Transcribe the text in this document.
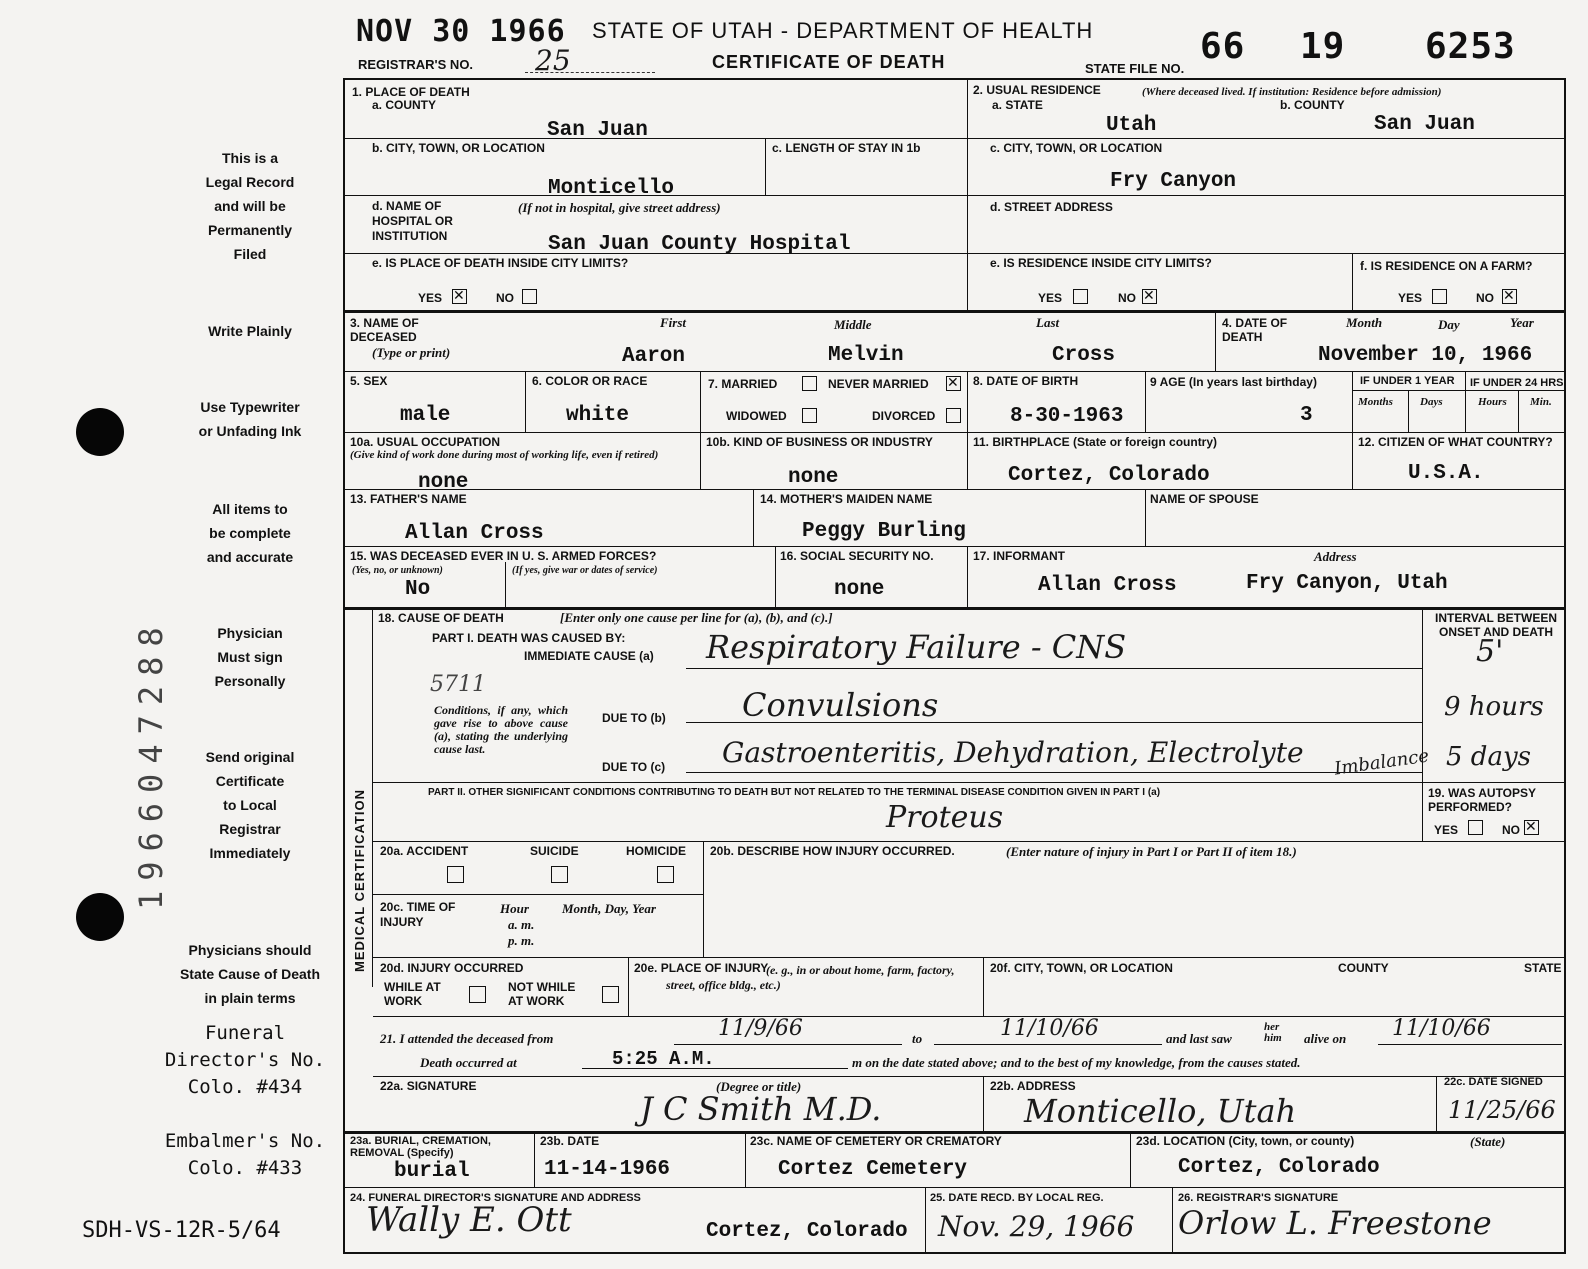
NOV 30 1966
REGISTRAR'S NO. 25
STATE OF UTAH - DEPARTMENT OF HEALTH
CERTIFICATE OF DEATH	STATE FILE NO.
66 19 6253
This is a
Legal Record
and will be
Permanently
Filed
Write Plainly
Use Typewriter
or Unfading Ink
All items to
be complete
and accurate
Physician
Must sign
Personally
Send original
Certificate
to Local
Registrar
Immediately
Physicians should
State Cause of Death
in plain terms
Funeral
Director's No.
Colo. #434
Embalmer's No.
Colo. #433
SDH-VS-12R-5/64
1966047288
1. PLACE OF DEATH
a. COUNTY
San Juan
2. USUAL RESIDENCE	(Where deceased lived. If institution: Residence before admission)
a. STATE
Utah
b. COUNTY
San Juan
b. CITY, TOWN, OR LOCATION
Monticello
c. LENGTH OF STAY IN 1b	c. CITY, TOWN, OR LOCATION
Fry Canyon
d. NAME OF HOSPITAL OR INSTITUTION
(If not in hospital, give street address)
San Juan County Hospital
d. STREET ADDRESS
e. IS PLACE OF DEATH INSIDE CITY LIMITS?
YES
✕	NO
e. IS RESIDENCE INSIDE CITY LIMITS?
YES	NO
✕
f. IS RESIDENCE ON A FARM?
YES	NO
✕
3. NAME OF DECEASED
(Type or print)
First	Middle	Last
Aaron	Melvin	Cross
4. DATE OF DEATH
Month	Day	Year
November 10, 1966
5. SEX
male
6. COLOR OR RACE
white
7. MARRIED	NEVER MARRIED
✕
WIDOWED	DIVORCED
8. DATE OF BIRTH
8-30-1963
9 AGE (In years last birthday)
3
IF UNDER 1 YEAR IF UNDER 24 HRS.
Months Days	Hours Min.
10a. USUAL OCCUPATION
(Give kind of work done during most of working life, even if retired)
none
10b. KIND OF BUSINESS OR INDUSTRY
none
11. BIRTHPLACE (State or foreign country)
Cortez, Colorado
12. CITIZEN OF WHAT COUNTRY?
U.S.A.
13. FATHER'S NAME
Allan Cross
14. MOTHER'S MAIDEN NAME
Peggy Burling
NAME OF SPOUSE
15. WAS DECEASED EVER IN U. S. ARMED FORCES?
(Yes, no, or unknown)	(If yes, give war or dates of service)
No
16. SOCIAL SECURITY NO.
none
17. INFORMANT	Address
Allan Cross	Fry Canyon, Utah
MEDICAL CERTIFICATION
18. CAUSE OF DEATH	[Enter only one cause per line for (a), (b), and (c).]
PART I. DEATH WAS CAUSED BY:
IMMEDIATE CAUSE (a)
5711
Conditions, if any, which gave rise to above cause (a), stating the underlying cause last.
DUE TO (b)
DUE TO (c)
Respiratory Failure - CNS
Convulsions
Gastroenteritis, Dehydration, Electrolyte Imbalance
INTERVAL BETWEEN ONSET AND DEATH
5'
9 hours
5 days
PART II. OTHER SIGNIFICANT CONDITIONS CONTRIBUTING TO DEATH BUT NOT RELATED TO THE TERMINAL DISEASE CONDITION GIVEN IN PART I (a)
Proteus
19. WAS AUTOPSY PERFORMED?
YES	NO
✕
20a. ACCIDENT	SUICIDE	HOMICIDE 20b. DESCRIBE HOW INJURY OCCURRED.	(Enter nature of injury in Part I or Part II of item 18.)
20c. TIME OF INJURY
Hour
a. m.
p. m.
Month, Day, Year
20d. INJURY OCCURRED
WHILE AT WORK
NOT WHILE AT WORK
20e. PLACE OF INJURY
(e. g., in or about home, farm, factory, street, office bldg., etc.)
20f. CITY, TOWN, OR LOCATION	COUNTY	STATE
21. I attended the deceased from	11/9/66	to	11/10/66	and last saw
her him	alive on 11/10/66
Death occurred at	5:25 A.M.	m on the date stated above; and to the best of my knowledge, from the causes stated.
22a. SIGNATURE	(Degree or title)
J C Smith M.D.
22b. ADDRESS
Monticello, Utah
22c. DATE SIGNED
11/25/66
23a. BURIAL, CREMATION, REMOVAL (Specify)
burial
23b. DATE
11-14-1966
23c. NAME OF CEMETERY OR CREMATORY
Cortez Cemetery
23d. LOCATION (City, town, or county)	(State)
Cortez, Colorado
24. FUNERAL DIRECTOR'S SIGNATURE AND ADDRESS
Wally E. Ott	Cortez, Colorado
25. DATE RECD. BY LOCAL REG.
Nov. 29, 1966
26. REGISTRAR'S SIGNATURE
Orlow L. Freestone
